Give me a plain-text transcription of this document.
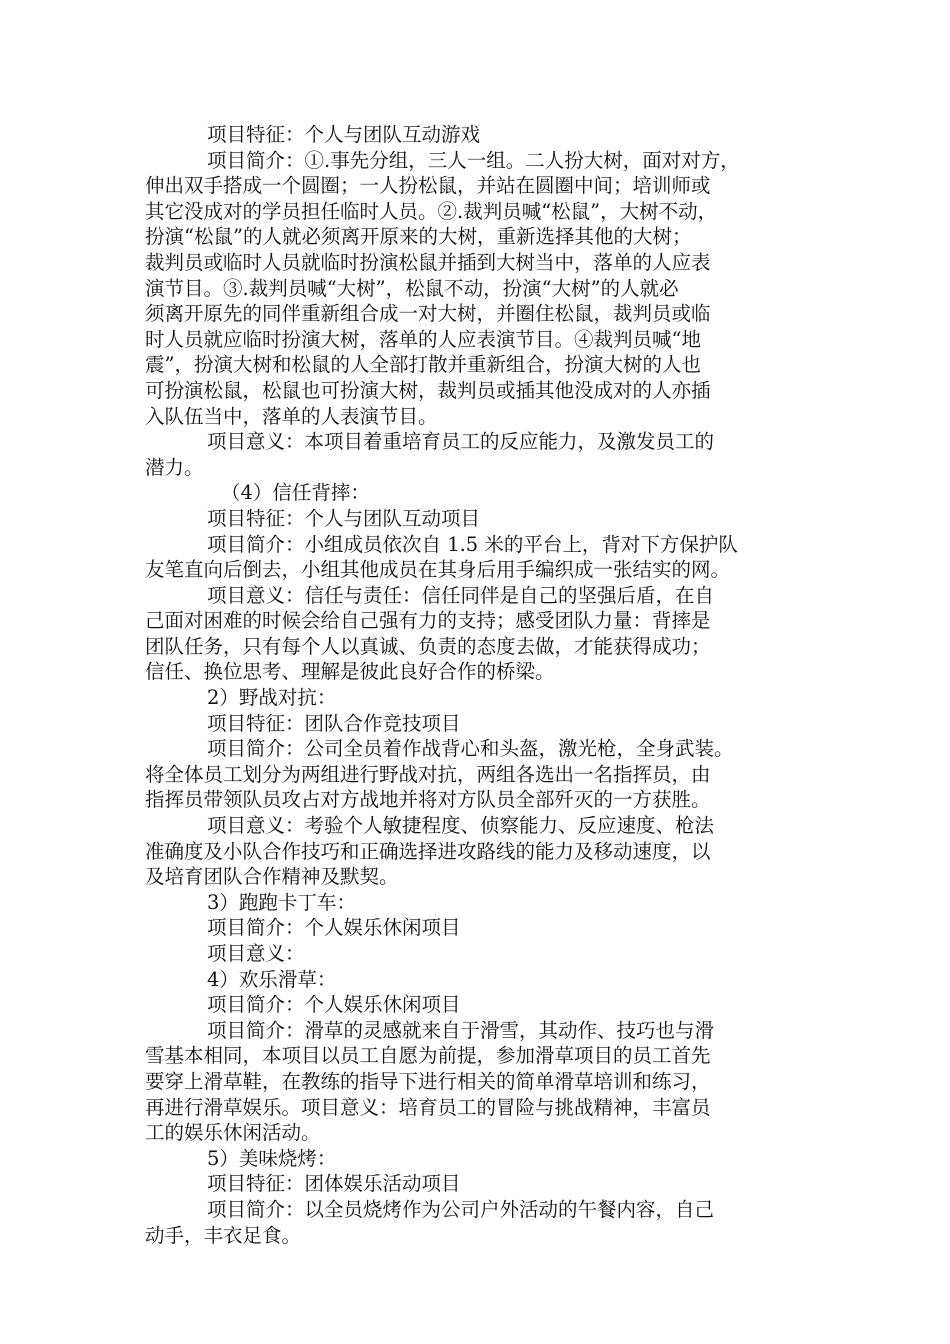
项目特征：个人与团队互动游戏
项目简介：①.事先分组，三人一组。二人扮大树，面对对方，
伸出双手搭成一个圆圈；一人扮松鼠，并站在圆圈中间；培训师或
其它没成对的学员担任临时人员。②.裁判员喊“松鼠”，大树不动，
扮演“松鼠”的人就必须离开原来的大树，重新选择其他的大树；
裁判员或临时人员就临时扮演松鼠并插到大树当中，落单的人应表
演节目。③.裁判员喊“大树”，松鼠不动，扮演“大树”的人就必
须离开原先的同伴重新组合成一对大树，并圈住松鼠，裁判员或临
时人员就应临时扮演大树，落单的人应表演节目。④裁判员喊“地
震”，扮演大树和松鼠的人全部打散并重新组合，扮演大树的人也
可扮演松鼠，松鼠也可扮演大树，裁判员或插其他没成对的人亦插
入队伍当中，落单的人表演节目。
项目意义：本项目着重培育员工的反应能力，及激发员工的
潜力。
（4）信任背摔：
项目特征：个人与团队互动项目
项目简介：小组成员依次自 1.5 米的平台上，背对下方保护队
友笔直向后倒去，小组其他成员在其身后用手编织成一张结实的网。
项目意义：信任与责任：信任同伴是自己的坚强后盾，在自
己面对困难的时候会给自己强有力的支持；感受团队力量：背摔是
团队任务，只有每个人以真诚、负责的态度去做，才能获得成功；
信任、换位思考、理解是彼此良好合作的桥梁。
2）野战对抗：
项目特征：团队合作竞技项目
项目简介：公司全员着作战背心和头盔，激光枪，全身武装。
将全体员工划分为两组进行野战对抗，两组各选出一名指挥员，由
指挥员带领队员攻占对方战地并将对方队员全部歼灭的一方获胜。
项目意义：考验个人敏捷程度、侦察能力、反应速度、枪法
准确度及小队合作技巧和正确选择进攻路线的能力及移动速度，以
及培育团队合作精神及默契。
3）跑跑卡丁车：
项目简介：个人娱乐休闲项目
项目意义：
4）欢乐滑草：
项目简介：个人娱乐休闲项目
项目简介：滑草的灵感就来自于滑雪，其动作、技巧也与滑
雪基本相同，本项目以员工自愿为前提，参加滑草项目的员工首先
要穿上滑草鞋，在教练的指导下进行相关的简单滑草培训和练习，
再进行滑草娱乐。项目意义：培育员工的冒险与挑战精神，丰富员
工的娱乐休闲活动。
5）美味烧烤：
项目特征：团体娱乐活动项目
项目简介：以全员烧烤作为公司户外活动的午餐内容，自己
动手，丰衣足食。
